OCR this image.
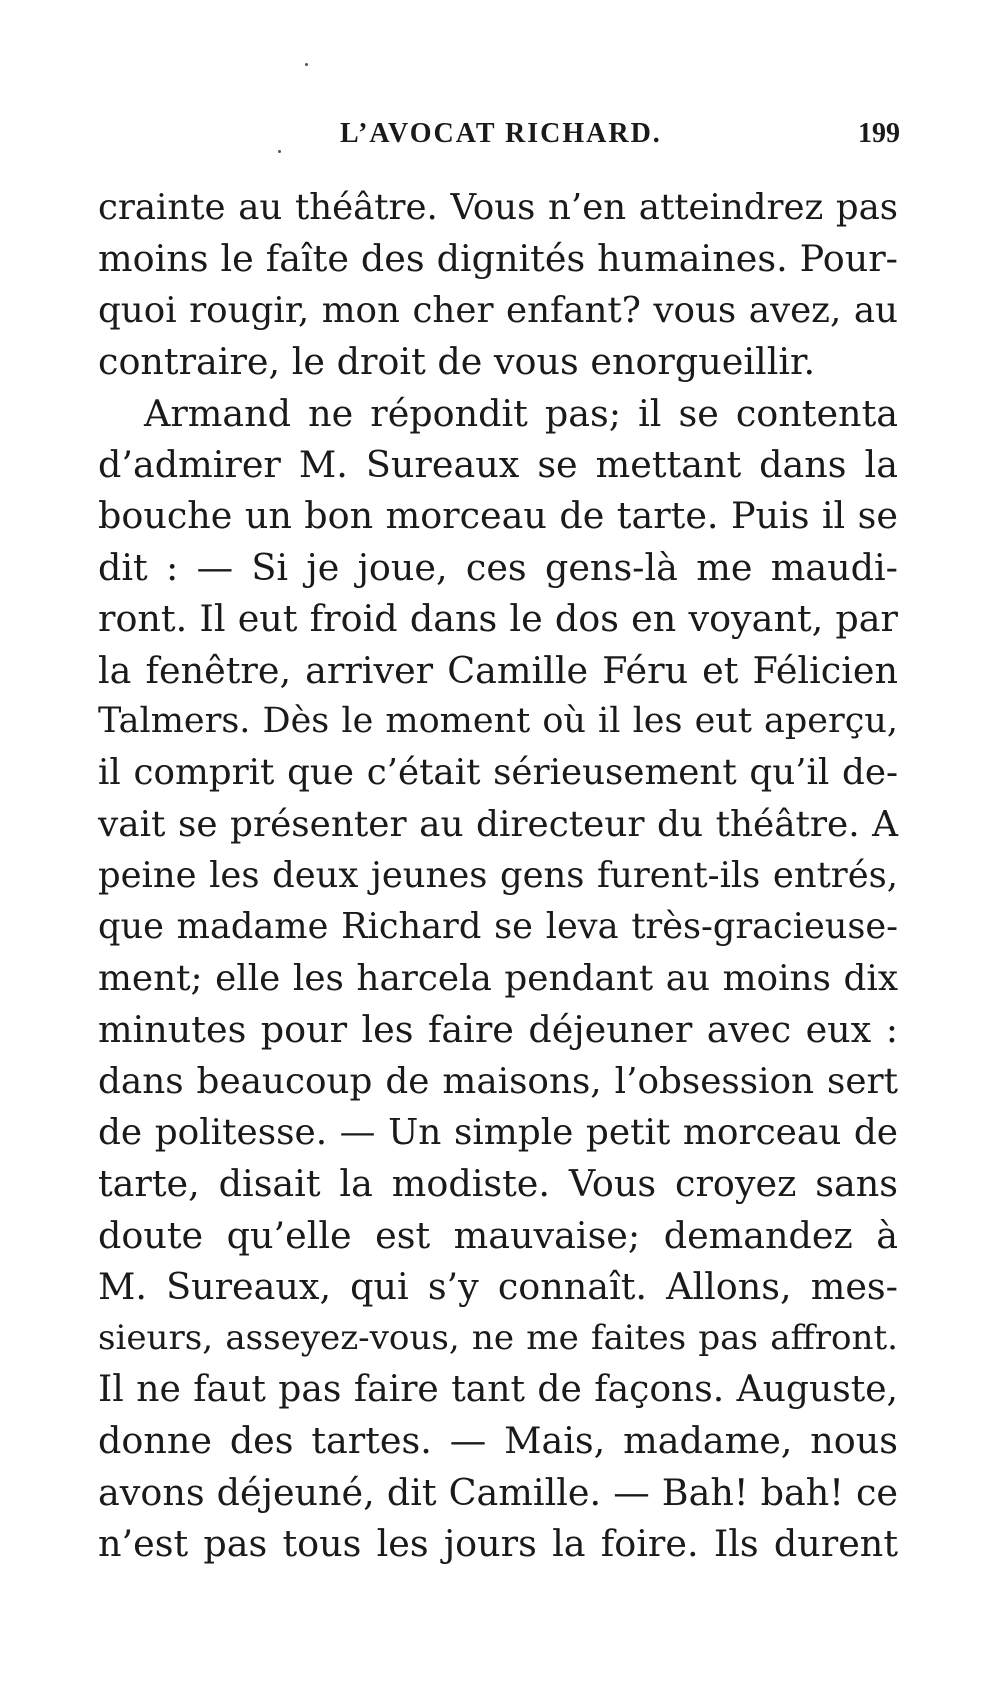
L’AVOCAT RICHARD.	199
crainte au théâtre. Vous n’en atteindrez pas
moins le faîte des dignités humaines. Pour-
quoi rougir, mon cher enfant? vous avez, au
contraire, le droit de vous enorgueillir.
Armand ne répondit pas; il se contenta
d’admirer M. Sureaux se mettant dans la
bouche un bon morceau de tarte. Puis il se
dit : — Si je joue, ces gens-là me maudi-
ront. Il eut froid dans le dos en voyant, par
la fenêtre, arriver Camille Féru et Félicien
Talmers. Dès le moment où il les eut aperçu,
il comprit que c’était sérieusement qu’il de-
vait se présenter au directeur du théâtre. A
peine les deux jeunes gens furent-ils entrés,
que madame Richard se leva très-gracieuse-
ment; elle les harcela pendant au moins dix
minutes pour les faire déjeuner avec eux :
dans beaucoup de maisons, l’obsession sert
de politesse. — Un simple petit morceau de
tarte, disait la modiste. Vous croyez sans
doute qu’elle est mauvaise; demandez à
M. Sureaux, qui s’y connaît. Allons, mes-
sieurs, asseyez-vous, ne me faites pas affront.
Il ne faut pas faire tant de façons. Auguste,
donne des tartes. — Mais, madame, nous
avons déjeuné, dit Camille. — Bah! bah! ce
n’est pas tous les jours la foire. Ils durent
